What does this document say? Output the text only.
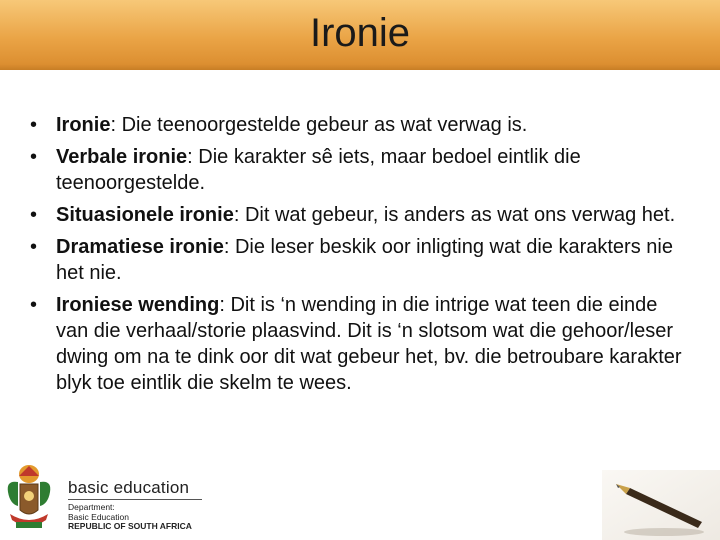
Ironie
• Ironie: Die teenoorgestelde gebeur as wat verwag is.
• Verbale ironie: Die karakter sê iets, maar bedoel eintlik die teenoorgestelde.
• Situasionele ironie: Dit wat gebeur, is anders as wat ons verwag het.
• Dramatiese ironie: Die leser beskik oor inligting wat die karakters nie het nie.
• Ironiese wending: Dit is ‘n wending in die intrige wat teen die einde van die verhaal/storie plaasvind. Dit is ‘n slotsom wat die gehoor/leser dwing om na te dink oor dit wat gebeur het, bv. die betroubare karakter blyk toe eintlik die skelm te wees.
basic education
Department:
Basic Education
REPUBLIC OF SOUTH AFRICA
